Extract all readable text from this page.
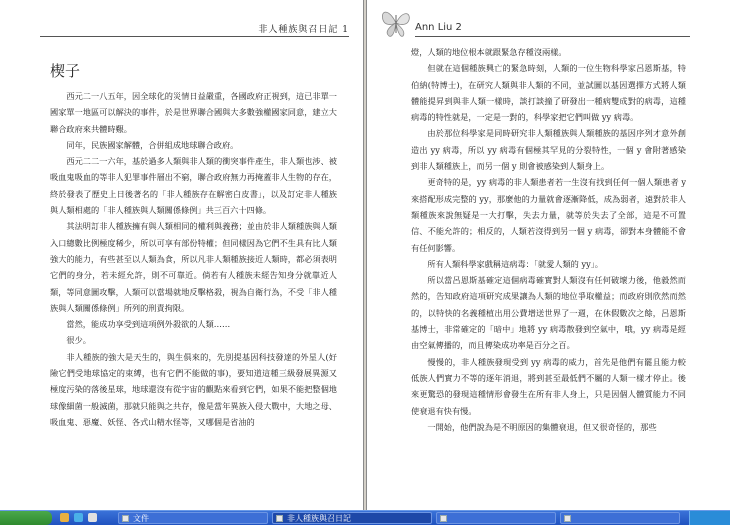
非人種族與召日記 1
楔子

西元二一八五年，因全球化的災情日益嚴重，各國政府正視到，這已非單一國家單一地區可以解決的事件，於是世界聯合國與大多數強權國家同意，建立大聯合政府來共體時艱。

同年，民族國家解體，合併組成地球聯合政府。

西元二二一六年，基於過多人類與非人類的衝突事件產生，非人類也涉、被吸血鬼吸血的等非人犯罪事件層出不窮，聯合政府無力再掩蓋非人生物的存在，終於發表了歷史上日後著名的「非人種族存在解密白皮書」，以及訂定非人種族與人類相處的「非人種族與人類關係條例」共三百六十四條。

其法明訂非人種族擁有與人類相同的權利與義務；並由於非人類種族與人類入口總數比例極度稀少，所以可享有部份特權；但同樣因為它們不生具有比人類強大的能力，有些甚至以人類為食，所以凡非人類種族接近人類時，都必須表明它們的身分，若未經允許，則不可靠近。倘若有人種族未經告知身分就靠近人類，等同意圖攻擊，人類可以當場就地反擊格殺，視為自衛行為，不受「非人種族與人類關係條例」所列的刑責拘限。

當然，能成功享受到這項例外殺欲的人類……

很少。

非人種族的強大是天生的，與生俱來的，先別提基因科技發達的外星人(好險它們受地球協定的束縛，也有它們不能做的事)，要知道這種三級發展異源又極度污染的落後星球，地球還沒有從宇宙的觀點來看到它們，如果不能把整個地球像細菌一般滅菌，那就只能與之共存，像是當年異族入侵大戰中，大地之母、吸血鬼、惡魔、妖怪、各式山精水怪等，又哪個是省油的

Ann Liu 2

燈，人類的地位根本就跟緊急存種沒兩樣。

但就在這個種族興亡的緊急時刻，人類的一位生物科學家呂恩斯基，特伯納(特博士)，在研究人類與非人類的不同，並試圖以基因選擇方式將人類體能提昇到與非人類一樣時，談打談撞了研發出一種病雙成對的病毒，這種病毒的特性就是，一定是一對的，科學家把它們叫做 yy 病毒。

由於那位科學家是同時研究非人類種族與人類種族的基因序列才意外創造出 yy 病毒，所以 yy 病毒有個極其罕見的分裂特性，一個 y 會附著感染到非人類種族上，而另一個 y 則會被感染到人類身上。

更奇特的是，yy 病毒的非人類患者若一生沒有找到任何一個人類患者 y 來搭配形成完整的 yy，那麼他的力量就會逐漸降低，成為弱者，遠對於非人類種族來說無疑是一大打擊，失去力量，就等於失去了全部，這是不可置信、不能允許的；相反的，人類若沒得到另一個 y 病毒，卻對本身體能不會有任何影響。

所有人類科學家戲稱這病毒：「就愛人類的 yy」。

所以當呂恩斯基確定這個病毒確實對人類沒有任何破壞力後，他毅然而然的，告知政府這項研究成果讓為人類的地位爭取權益；而政府則欣然而然的，以特快的名義種植出用公費增送世界了一週，在休假數次之餘，呂恩斯基博士，非常確定的「暗中」地將 yy 病毒散發到空氣中，哦，yy 病毒是經由空氣傳播的，而且傳染成功率是百分之百。

慢慢的，非人種族發現受到 yy 病毒的威力，首先是他們有罷且能力較低族人們實力不等的逐年消退，將到甚至最低們不屬的人類一樣才停止。後來更驚恐的發現這種情形會發生在所有非人身上，只是因個人體質能力不同使衰退有快有慢。

一開始，他們說為是不明原因的集體衰退，但又很奇怪的，那些

文件	非人種族與召日記
